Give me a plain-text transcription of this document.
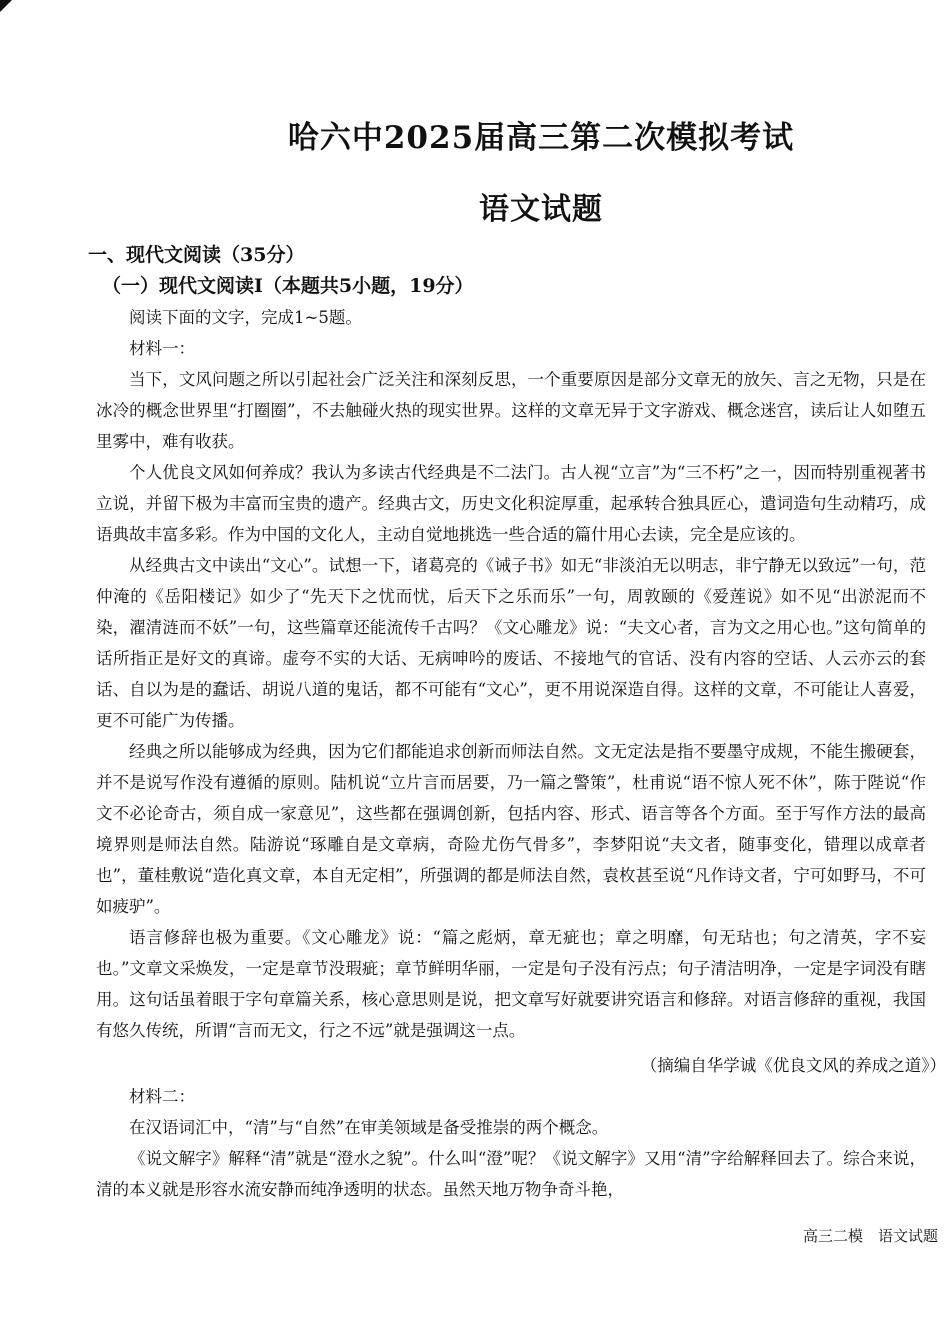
哈六中2025届高三第二次模拟考试
语文试题
一、现代文阅读（35分）
（一）现代文阅读Ⅰ（本题共5小题，19分）
阅读下面的文字，完成1~5题。
材料一：

当下，文风问题之所以引起社会广泛关注和深刻反思，一个重要原因是部分文章无的放矢、言之无物，只是在冰冷的概念世界里“打圈圈”，不去触碰火热的现实世界。这样的文章无异于文字游戏、概念迷宫，读后让人如堕五里雾中，难有收获。

个人优良文风如何养成？我认为多读古代经典是不二法门。古人视“立言”为“三不朽”之一，因而特别重视著书立说，并留下极为丰富而宝贵的遗产。经典古文，历史文化积淀厚重，起承转合独具匠心，遣词造句生动精巧，成语典故丰富多彩。作为中国的文化人，主动自觉地挑选一些合适的篇什用心去读，完全是应该的。

从经典古文中读出“文心”。试想一下，诸葛亮的《诫子书》如无“非淡泊无以明志，非宁静无以致远”一句，范仲淹的《岳阳楼记》如少了“先天下之忧而忧，后天下之乐而乐”一句，周敦颐的《爱莲说》如不见“出淤泥而不染，濯清涟而不妖”一句，这些篇章还能流传千古吗？《文心雕龙》说：“夫文心者，言为文之用心也。”这句简单的话所指正是好文的真谛。虚夸不实的大话、无病呻吟的废话、不接地气的官话、没有内容的空话、人云亦云的套话、自以为是的蠢话、胡说八道的鬼话，都不可能有“文心”，更不用说深造自得。这样的文章，不可能让人喜爱，更不可能广为传播。

经典之所以能够成为经典，因为它们都能追求创新而师法自然。文无定法是指不要墨守成规，不能生搬硬套，并不是说写作没有遵循的原则。陆机说“立片言而居要，乃一篇之警策”，杜甫说“语不惊人死不休”，陈于陛说“作文不必论奇古，须自成一家意见”，这些都在强调创新，包括内容、形式、语言等各个方面。至于写作方法的最高境界则是师法自然。陆游说“琢雕自是文章病，奇险尤伤气骨多”，李梦阳说“夫文者，随事变化，错理以成章者也”，董桂敷说“造化真文章，本自无定相”，所强调的都是师法自然，袁枚甚至说“凡作诗文者，宁可如野马，不可如疲驴”。

语言修辞也极为重要。《文心雕龙》说：“篇之彪炳，章无疵也；章之明靡，句无玷也；句之清英，字不妄也。”文章文采焕发，一定是章节没瑕疵；章节鲜明华丽，一定是句子没有污点；句子清洁明净，一定是字词没有瞎用。这句话虽着眼于字句章篇关系，核心意思则是说，把文章写好就要讲究语言和修辞。对语言修辞的重视，我国有悠久传统，所谓“言而无文，行之不远”就是强调这一点。

（摘编自华学诚《优良文风的养成之道》）
材料二：

在汉语词汇中，“清”与“自然”在审美领域是备受推崇的两个概念。

《说文解字》解释“清”就是“澄水之貌”。什么叫“澄”呢？《说文解字》又用“清”字给解释回去了。综合来说，清的本义就是形容水流安静而纯净透明的状态。虽然天地万物争奇斗艳，

高三二模　语文试题
